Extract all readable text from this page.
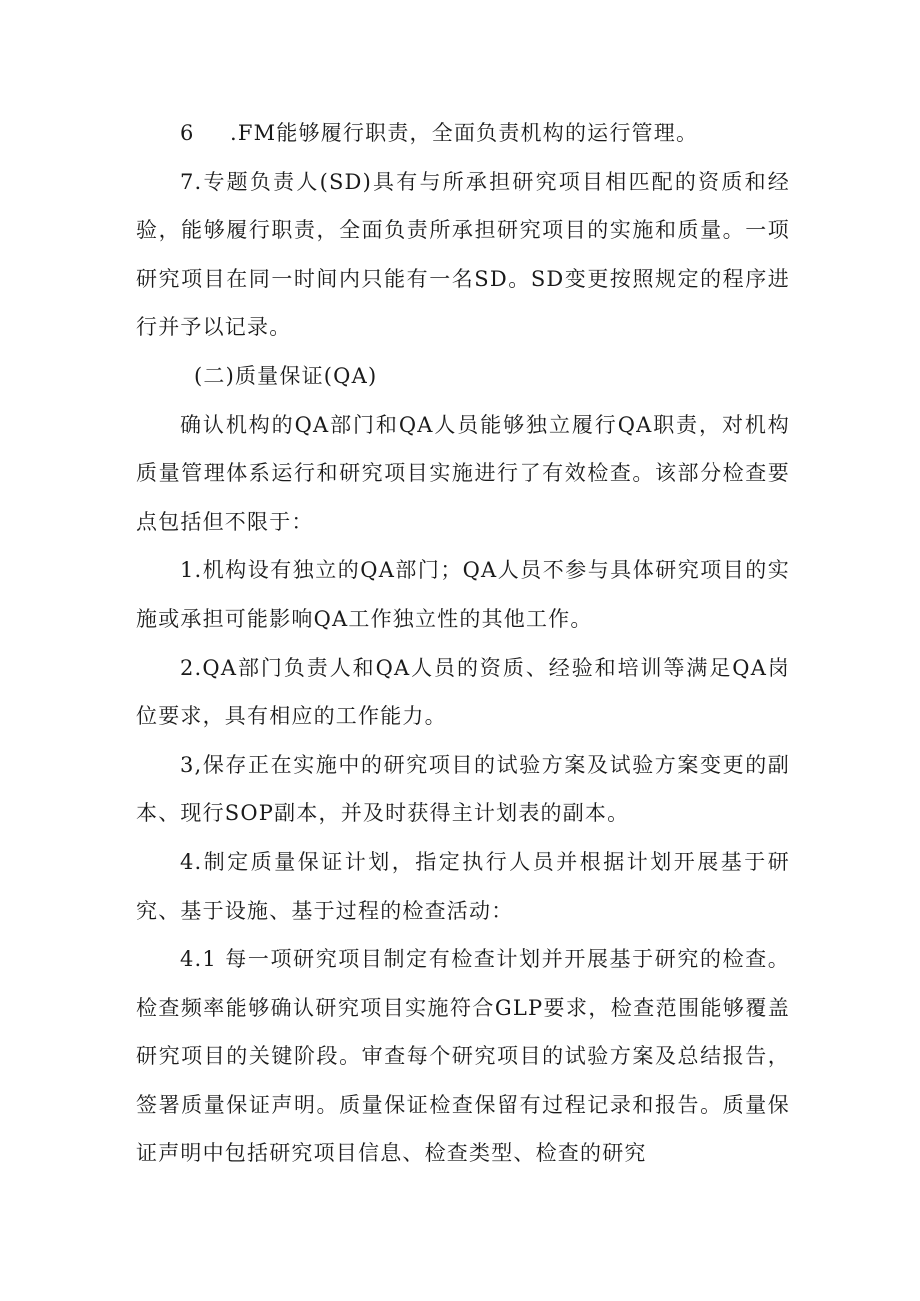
6 .FM能够履行职责，全面负责机构的运行管理。

7.专题负责人(SD)具有与所承担研究项目相匹配的资质和经验，能够履行职责，全面负责所承担研究项目的实施和质量。一项研究项目在同一时间内只能有一名SD。SD变更按照规定的程序进行并予以记录。

(二)质量保证(QA)

确认机构的QA部门和QA人员能够独立履行QA职责，对机构质量管理体系运行和研究项目实施进行了有效检查。该部分检查要点包括但不限于：

1.机构设有独立的QA部门；QA人员不参与具体研究项目的实施或承担可能影响QA工作独立性的其他工作。

2.QA部门负责人和QA人员的资质、经验和培训等满足QA岗位要求，具有相应的工作能力。

3,保存正在实施中的研究项目的试验方案及试验方案变更的副本、现行SOP副本，并及时获得主计划表的副本。

4.制定质量保证计划，指定执行人员并根据计划开展基于研究、基于设施、基于过程的检查活动：

4.1 每一项研究项目制定有检查计划并开展基于研究的检查。检查频率能够确认研究项目实施符合GLP要求，检查范围能够覆盖研究项目的关键阶段。审查每个研究项目的试验方案及总结报告，签署质量保证声明。质量保证检查保留有过程记录和报告。质量保证声明中包括研究项目信息、检查类型、检查的研究
